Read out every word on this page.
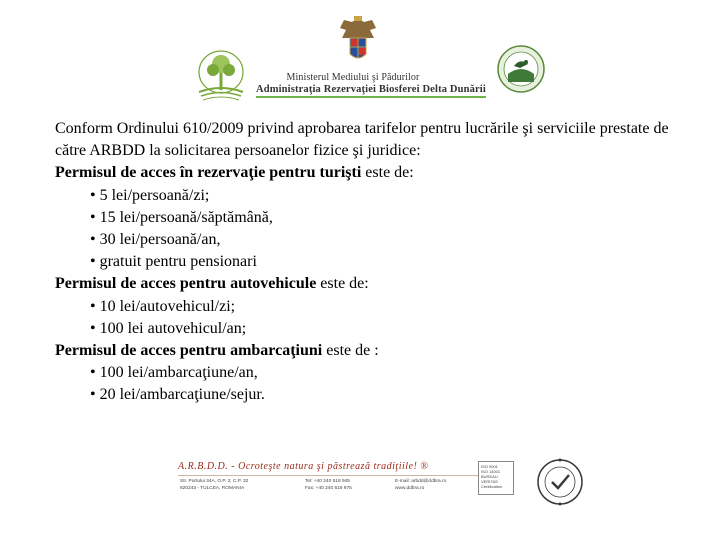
Ministerul Mediului şi Pădurilor
Administraţia Rezervaţiei Biosferei Delta Dunării

Conform Ordinului 610/2009 privind aprobarea tarifelor pentru lucrările şi serviciile prestate de către ARBDD la solicitarea persoanelor fizice şi juridice:

Permisul de acces în rezervaţie pentru turişti este de:

• 5 lei/persoană/zi;
• 15 lei/persoană/săptămână,
• 30 lei/persoană/an,
• gratuit pentru pensionari

Permisul de acces pentru autovehicule este de:

• 10 lei/autovehicul/zi;
• 100 lei autovehicul/an;

Permisul de acces pentru ambarcaţiuni este de :

• 100 lei/ambarcaţiune/an,
• 20 lei/ambarcaţiune/sejur.
A.R.B.D.D. - Ocroteşte natura şi păstrează tradiţiile! ®
Str. Portului 34A, O.P. 3, C.P. 32
820243 - TULCEA, ROMANIA
Tel: +40 240 518 945
Fax: +40 240 518 975
E-mail: arbdd@ddbra.ro
www.ddbra.ro
ISO 9001
ISO 14001
BUREAU VERITAS
Certification
